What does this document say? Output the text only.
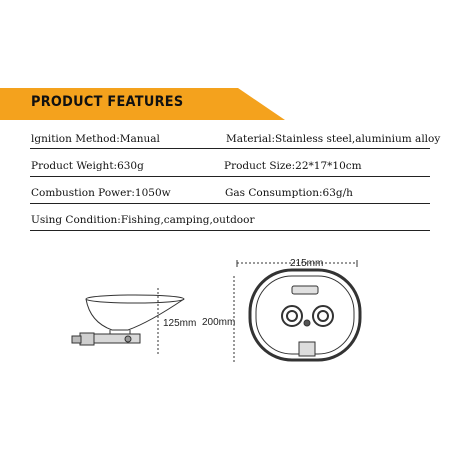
PRODUCT FEATURES
lgnition Method:Manual	Material:Stainless steel,aluminium alloy
Product Weight:630g	Product Size:22*17*10cm
Combustion Power:1050w	Gas Consumption:63g/h
Using Condition:Fishing,camping,outdoor
125mm
215mm
200mm
